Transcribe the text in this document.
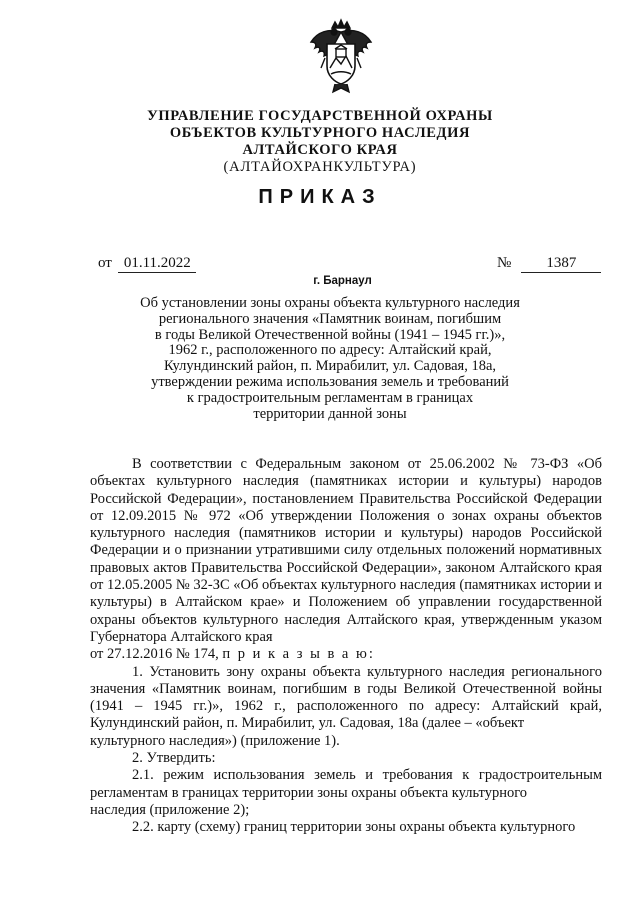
УПРАВЛЕНИЕ ГОСУДАРСТВЕННОЙ ОХРАНЫ
ОБЪЕКТОВ КУЛЬТУРНОГО НАСЛЕДИЯ
АЛТАЙСКОГО КРАЯ
(АЛТАЙОХРАНКУЛЬТУРА)
ПРИКАЗ
от 01.11.2022	№ 1387
г. Барнаул
Об установлении зоны охраны объекта культурного наследия
регионального значения «Памятник воинам, погибшим
в годы Великой Отечественной войны (1941 – 1945 гг.)»,
1962 г., расположенного по адресу: Алтайский край,
Кулундинский район, п. Мирабилит, ул. Садовая, 18а,
утверждении режима использования земель и требований
к градостроительным регламентам в границах
территории данной зоны

В соответствии с Федеральным законом от 25.06.2002 № 73-ФЗ «Об объектах культурного наследия (памятниках истории и культуры) народов Российской Федерации», постановлением Правительства Российской Федерации от 12.09.2015 № 972 «Об утверждении Положения о зонах охраны объектов культурного наследия (памятников истории и культуры) народов Российской Федерации и о признании утратившими силу отдельных положений нормативных правовых актов Правительства Российской Федерации», законом Алтайского края от 12.05.2005 № 32-ЗС «Об объектах культурного наследия (памятниках истории и культуры) в Алтайском крае» и Положением об управлении государственной охраны объектов культурного наследия Алтайского края, утвержденным указом Губернатора Алтайского края

от 27.12.2016 № 174, п р и к а з ы в а ю:

1. Установить зону охраны объекта культурного наследия регионального значения «Памятник воинам, погибшим в годы Великой Отечественной войны (1941 – 1945 гг.)», 1962 г., расположенного по адресу: Алтайский край, Кулундинский район, п. Мирабилит, ул. Садовая, 18а (далее – «объект

культурного наследия») (приложение 1).

2. Утвердить:

2.1. режим использования земель и требования к градостроительным регламентам в границах территории зоны охраны объекта культурного

наследия (приложение 2);

2.2. карту (схему) границ территории зоны охраны объекта культурного
